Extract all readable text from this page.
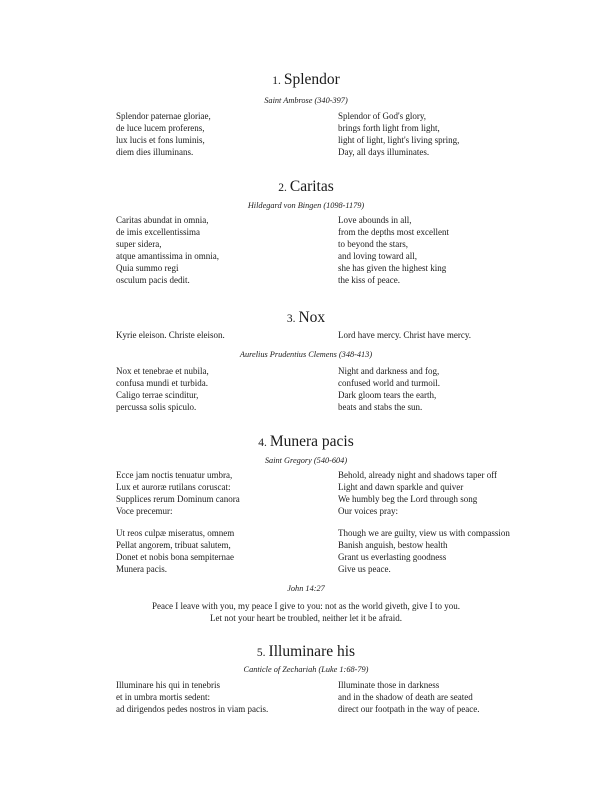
1. Splendor
Saint Ambrose (340-397)
Splendor paternae gloriae,
de luce lucem proferens,
lux lucis et fons luminis,
diem dies illuminans.
Splendor of God's glory,
brings forth light from light,
light of light, light's living spring,
Day, all days illuminates.
2. Caritas
Hildegard von Bingen (1098-1179)
Caritas abundat in omnia,
de imis excellentissima
super sidera,
atque amantissima in omnia,
Quia summo regi
osculum pacis dedit.
Love abounds in all,
from the depths most excellent
to beyond the stars,
and loving toward all,
she has given the highest king
the kiss of peace.
3. Nox
Kyrie eleison. Christe eleison.	Lord have mercy. Christ have mercy.
Aurelius Prudentius Clemens (348-413)
Nox et tenebrae et nubila,
confusa mundi et turbida.
Caligo terrae scinditur,
percussa solis spiculo.
Night and darkness and fog,
confused world and turmoil.
Dark gloom tears the earth,
beats and stabs the sun.
4. Munera pacis
Saint Gregory (540-604)
Ecce jam noctis tenuatur umbra,
Lux et auroræ rutilans coruscat:
Supplices rerum Dominum canora
Voce precemur:
Behold, already night and shadows taper off
Light and dawn sparkle and quiver
We humbly beg the Lord through song
Our voices pray:
Ut reos culpæ miseratus, omnem
Pellat angorem, tribuat salutem,
Donet et nobis bona sempiternae
Munera pacis.
Though we are guilty, view us with compassion
Banish anguish, bestow health
Grant us everlasting goodness
Give us peace.
John 14:27
Peace I leave with you, my peace I give to you: not as the world giveth, give I to you.
Let not your heart be troubled, neither let it be afraid.
5. Illuminare his
Canticle of Zechariah (Luke 1:68-79)
Illuminare his qui in tenebris
et in umbra mortis sedent:
ad dirigendos pedes nostros in viam pacis.
Illuminate those in darkness
and in the shadow of death are seated
direct our footpath in the way of peace.
